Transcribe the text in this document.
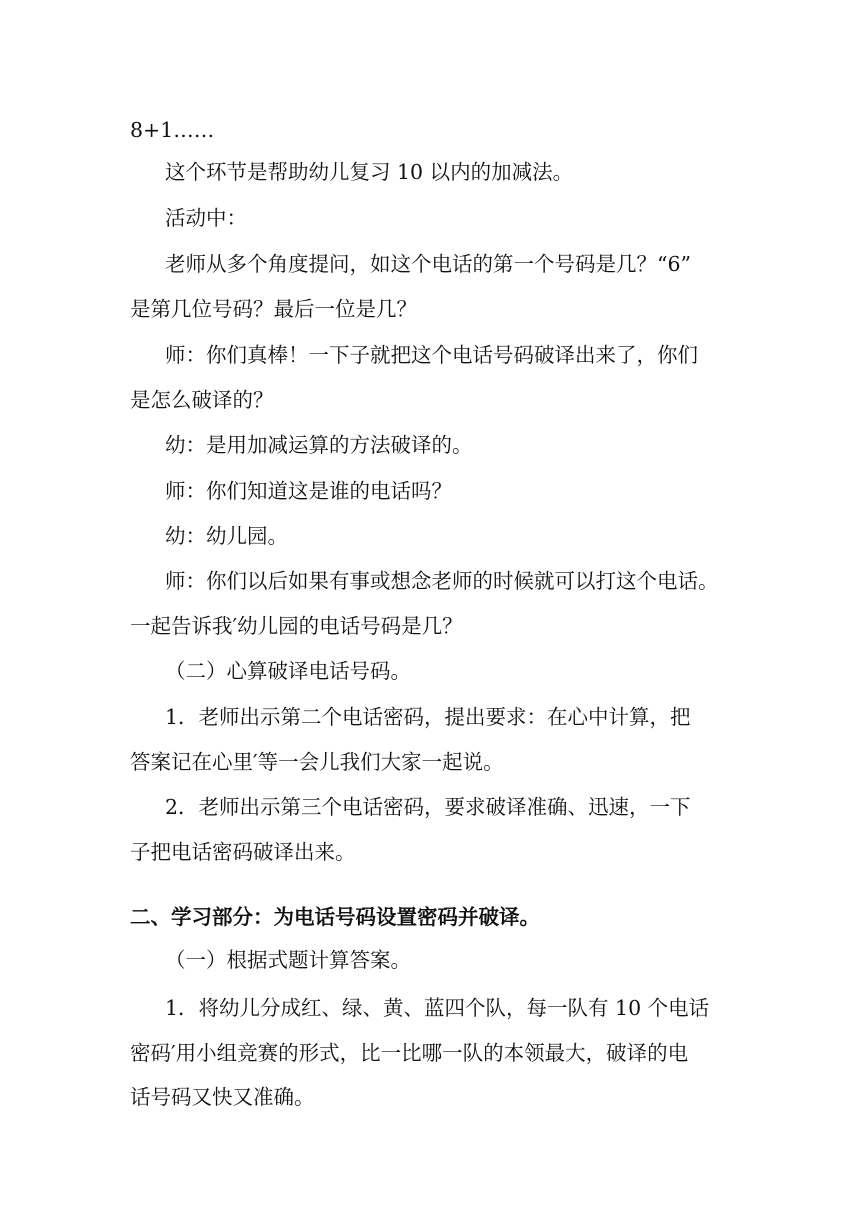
8+1……
这个环节是帮助幼儿复习 10 以内的加减法。
活动中：
老师从多个角度提问，如这个电话的第一个号码是几？“6”
是第几位号码？最后一位是几？
师：你们真棒！一下子就把这个电话号码破译出来了，你们
是怎么破译的？
幼：是用加减运算的方法破译的。
师：你们知道这是谁的电话吗？
幼：幼儿园。
师：你们以后如果有事或想念老师的时候就可以打这个电话。
一起告诉我′幼儿园的电话号码是几？
（二）心算破译电话号码。
1．老师出示第二个电话密码，提出要求：在心中计算，把
答案记在心里′等一会儿我们大家一起说。
2．老师出示第三个电话密码，要求破译准确、迅速，一下
子把电话密码破译出来。
二、学习部分：为电话号码设置密码并破译。
（一）根据式题计算答案。
1．将幼儿分成红、绿、黄、蓝四个队，每一队有 10 个电话
密码′用小组竞赛的形式，比一比哪一队的本领最大，破译的电
话号码又快又准确。
